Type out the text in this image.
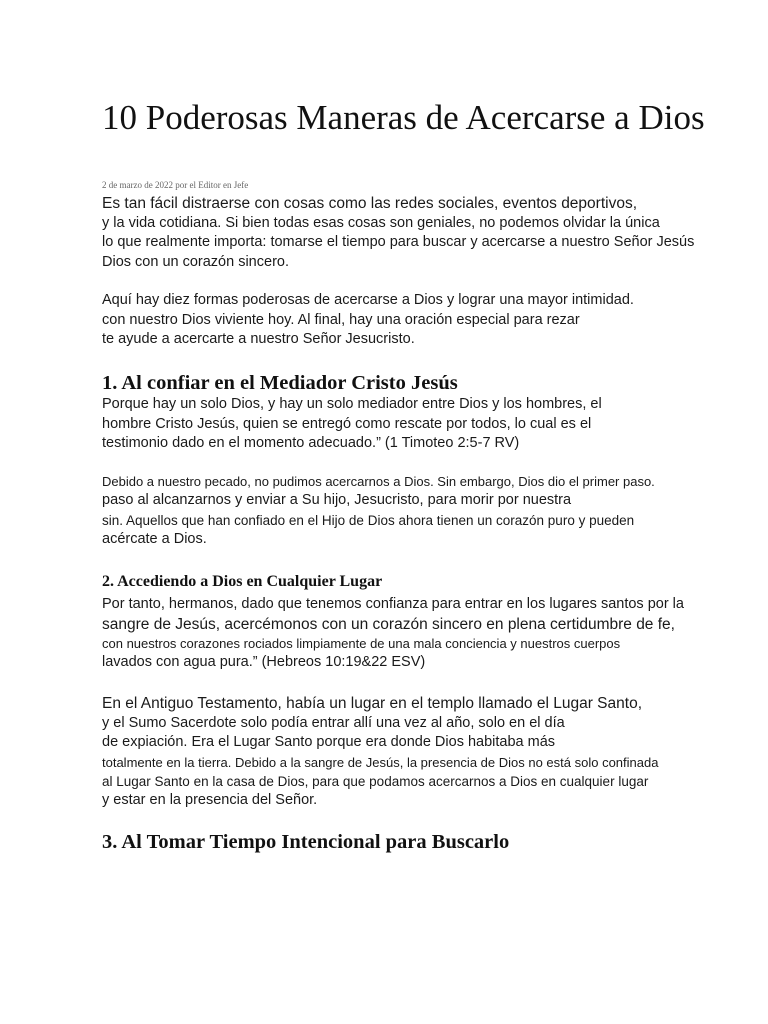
10 Poderosas Maneras de Acercarse a Dios

2 de marzo de 2022 por el Editor en Jefe

Es tan fácil distraerse con cosas como las redes sociales, eventos deportivos,
y la vida cotidiana. Si bien todas esas cosas son geniales, no podemos olvidar la única
lo que realmente importa: tomarse el tiempo para buscar y acercarse a nuestro Señor Jesús
Dios con un corazón sincero.

Aquí hay diez formas poderosas de acercarse a Dios y lograr una mayor intimidad.
con nuestro Dios viviente hoy. Al final, hay una oración especial para rezar
te ayude a acercarte a nuestro Señor Jesucristo.

1. Al confiar en el Mediador Cristo Jesús

Porque hay un solo Dios, y hay un solo mediador entre Dios y los hombres, el
hombre Cristo Jesús, quien se entregó como rescate por todos, lo cual es el
testimonio dado en el momento adecuado.” (1 Timoteo 2:5-7 RV)

Debido a nuestro pecado, no pudimos acercarnos a Dios. Sin embargo, Dios dio el primer paso.
paso al alcanzarnos y enviar a Su hijo, Jesucristo, para morir por nuestra
sin. Aquellos que han confiado en el Hijo de Dios ahora tienen un corazón puro y pueden
acércate a Dios.

2. Accediendo a Dios en Cualquier Lugar

Por tanto, hermanos, dado que tenemos confianza para entrar en los lugares santos por la
sangre de Jesús, acercémonos con un corazón sincero en plena certidumbre de fe,
con nuestros corazones rociados limpiamente de una mala conciencia y nuestros cuerpos
lavados con agua pura.” (Hebreos 10:19&22 ESV)

En el Antiguo Testamento, había un lugar en el templo llamado el Lugar Santo,
y el Sumo Sacerdote solo podía entrar allí una vez al año, solo en el día
de expiación. Era el Lugar Santo porque era donde Dios habitaba más
totalmente en la tierra. Debido a la sangre de Jesús, la presencia de Dios no está solo confinada
al Lugar Santo en la casa de Dios, para que podamos acercarnos a Dios en cualquier lugar
y estar en la presencia del Señor.

3. Al Tomar Tiempo Intencional para Buscarlo
